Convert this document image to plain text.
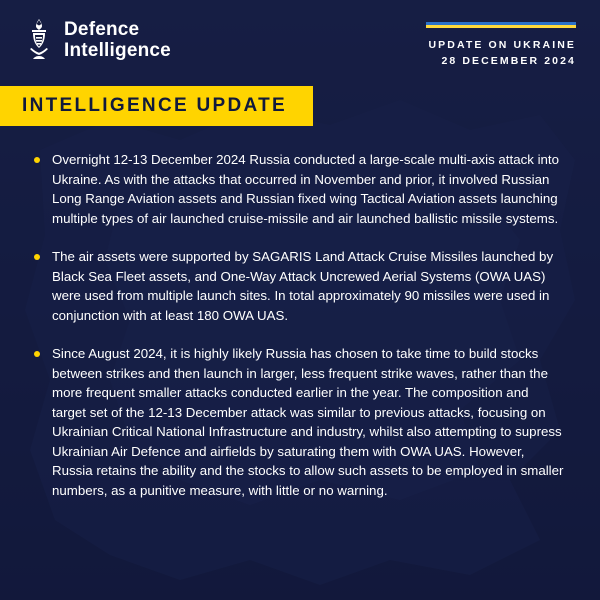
Defence
Intelligence	UPDATE ON UKRAINE
28 DECEMBER 2024
INTELLIGENCE UPDATE
Overnight 12-13 December 2024 Russia conducted a large-scale multi-axis attack into Ukraine. As with the attacks that occurred in November and prior, it involved Russian Long Range Aviation assets and Russian fixed wing Tactical Aviation assets launching multiple types of air launched cruise-missile and air launched ballistic missile systems.
The air assets were supported by SAGARIS Land Attack Cruise Missiles launched by Black Sea Fleet assets, and One-Way Attack Uncrewed Aerial Systems (OWA UAS) were used from multiple launch sites. In total approximately 90 missiles were used in conjunction with at least 180 OWA UAS.
Since August 2024, it is highly likely Russia has chosen to take time to build stocks between strikes and then launch in larger, less frequent strike waves, rather than the more frequent smaller attacks conducted earlier in the year. The composition and target set of the 12-13 December attack was similar to previous attacks, focusing on Ukrainian Critical National Infrastructure and industry, whilst also attempting to supress Ukrainian Air Defence and airfields by saturating them with OWA UAS. However, Russia retains the ability and the stocks to allow such assets to be employed in smaller numbers, as a punitive measure, with little or no warning.
